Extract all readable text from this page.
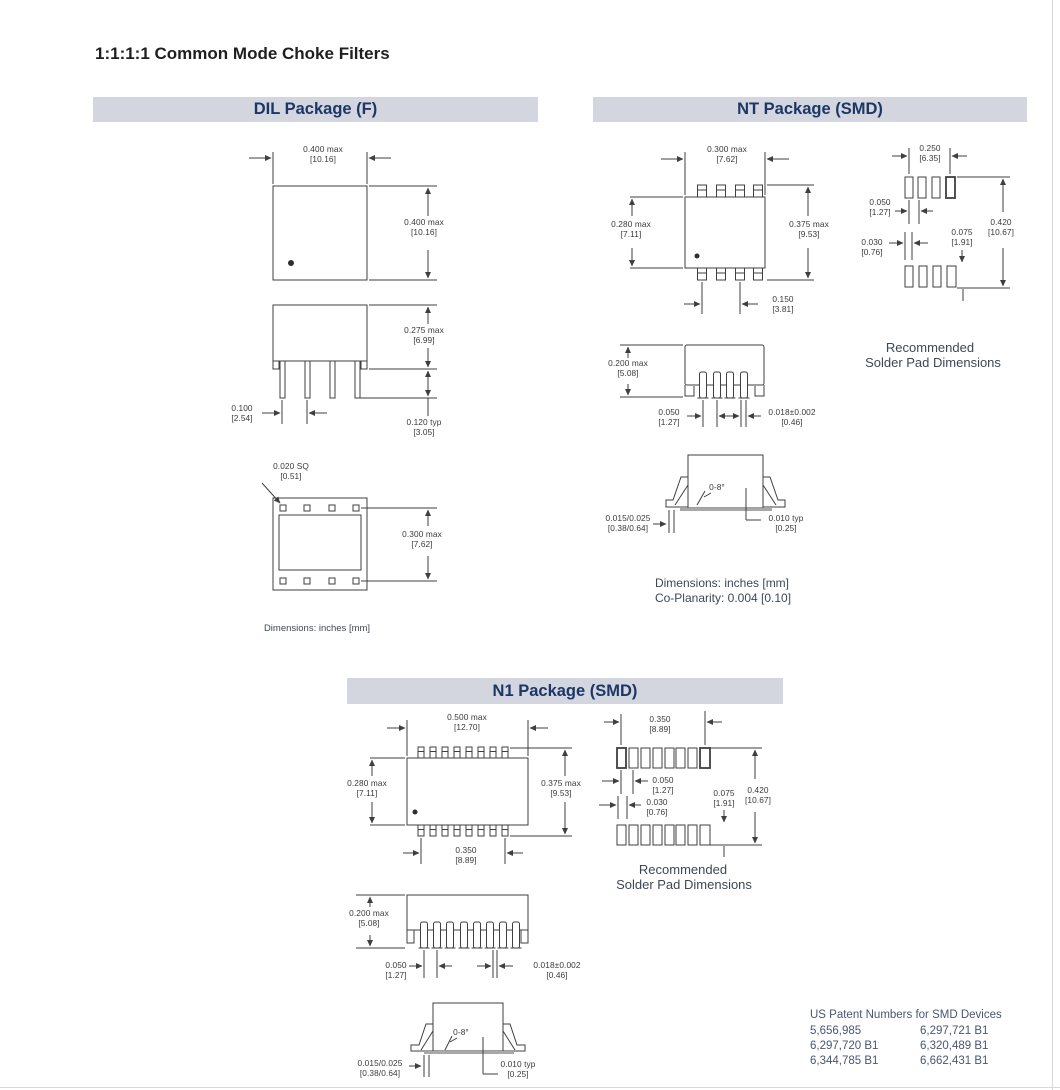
1:1:1:1 Common Mode Choke Filters
DIL Package (F)	NT Package (SMD)
N1 Package (SMD)
0.400 max
[10.16]
0.400 max
[10.16]
0.275 max
[6.99]
0.120 typ
[3.05]
0.100
[2.54]
0.020 SQ
[0.51]
0.300 max
[7.62]
Dimensions: inches [mm]
0.300 max
[7.62]
0.280 max
[7.11]
0.375 max
[9.53]
0.150
[3.81]
0.200 max
[5.08]
0.050
[1.27]
0.018±0.002
[0.46]
0-8°
0.015/0.025
[0.38/0.64]
0.010 typ
[0.25]
Dimensions: inches [mm]
Co-Planarity: 0.004 [0.10]
0.250
[6.35]
0.050
[1.27]
0.030
[0.76]
0.075
[1.91]
0.420
[10.67]
Recommended
Solder Pad Dimensions
0.500 max
[12.70]
0.280 max
[7.11]
0.375 max
[9.53]
0.350
[8.89]
0.200 max
[5.08]
0.050
[1.27]
0.018±0.002
[0.46]
0-8°
0.015/0.025
[0.38/0.64]
0.010 typ
[0.25]
0.350
[8.89]
0.050
[1.27]
0.030
[0.76]
0.075
[1.91]
0.420
[10.67]
Recommended
Solder Pad Dimensions
US Patent Numbers for SMD Devices
5,656,985
6,297,720 B1
6,344,785 B1
6,297,721 B1
6,320,489 B1
6,662,431 B1
